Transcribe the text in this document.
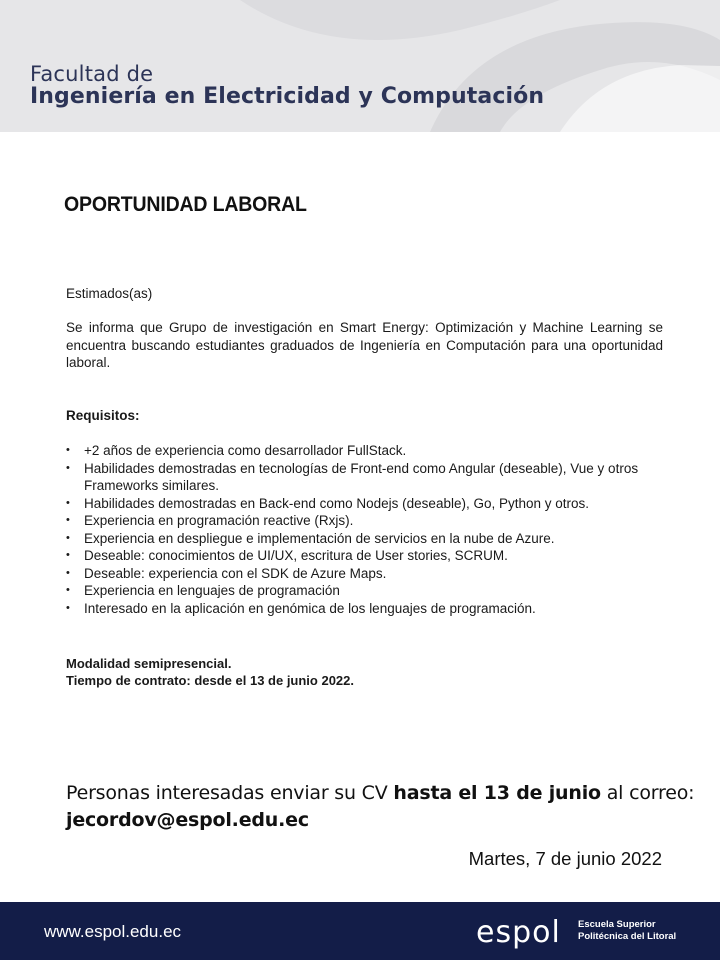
Facultad de
Ingeniería en Electricidad y Computación
OPORTUNIDAD LABORAL
Estimados(as)
Se informa que Grupo de investigación en Smart Energy: Optimización y Machine Learning se encuentra buscando estudiantes graduados de Ingeniería en Computación para una oportunidad laboral.
Requisitos:
• +2 años de experiencia como desarrollador FullStack.
• Habilidades demostradas en tecnologías de Front-end como Angular (deseable), Vue y otros Frameworks similares.
• Habilidades demostradas en Back-end como Nodejs (deseable), Go, Python y otros.
• Experiencia en programación reactive (Rxjs).
• Experiencia en despliegue e implementación de servicios en la nube de Azure.
• Deseable: conocimientos de UI/UX, escritura de User stories, SCRUM.
• Deseable: experiencia con el SDK de Azure Maps.
• Experiencia en lenguajes de programación
• Interesado en la aplicación en genómica de los lenguajes de programación.
Modalidad semipresencial.
Tiempo de contrato: desde el 13 de junio 2022.
Personas interesadas enviar su CV hasta el 13 de junio al correo:
jecordov@espol.edu.ec
Martes, 7 de junio 2022
www.espol.edu.ec	espol Escuela Superior
Politécnica del Litoral
